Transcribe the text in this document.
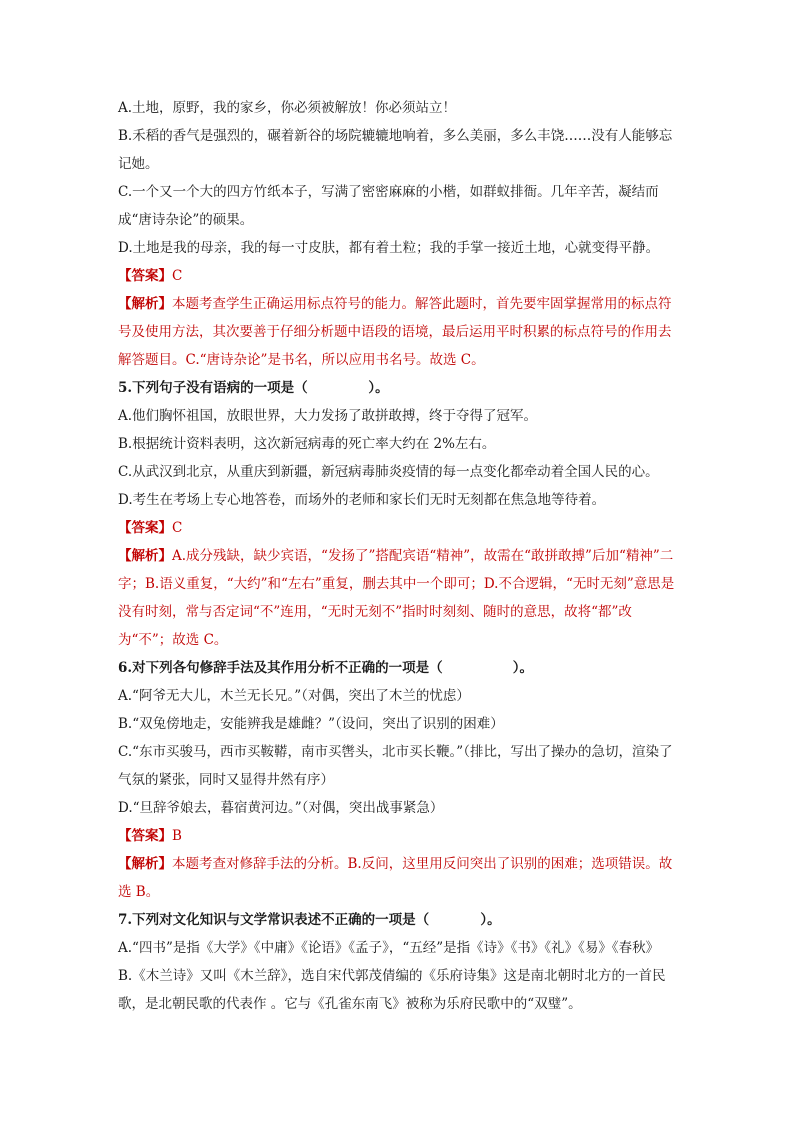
A.土地，原野，我的家乡，你必须被解放！你必须站立！
B.禾稻的香气是强烈的，碾着新谷的场院辘辘地响着，多么美丽，多么丰饶……没有人能够忘记她。
C.一个又一个大的四方竹纸本子，写满了密密麻麻的小楷，如群蚁排衙。几年辛苦，凝结而成“唐诗杂论”的硕果。
D.土地是我的母亲，我的每一寸皮肤，都有着土粒；我的手掌一接近土地，心就变得平静。
【答案】C
【解析】本题考查学生正确运用标点符号的能力。解答此题时，首先要牢固掌握常用的标点符号及使用方法，其次要善于仔细分析题中语段的语境，最后运用平时积累的标点符号的作用去解答题目。C.“唐诗杂论”是书名，所以应用书名号。故选 C。
5.下列句子没有语病的一项是（	）。
A.他们胸怀祖国，放眼世界，大力发扬了敢拼敢搏，终于夺得了冠军。
B.根据统计资料表明，这次新冠病毒的死亡率大约在 2%左右。
C.从武汉到北京，从重庆到新疆，新冠病毒肺炎疫情的每一点变化都牵动着全国人民的心。
D.考生在考场上专心地答卷，而场外的老师和家长们无时无刻都在焦急地等待着。
【答案】C
【解析】A.成分残缺，缺少宾语，“发扬了”搭配宾语“精神”，故需在“敢拼敢搏”后加“精神”二字；B.语义重复，“大约”和“左右”重复，删去其中一个即可；D.不合逻辑，“无时无刻”意思是没有时刻，常与否定词“不”连用，“无时无刻不”指时时刻刻、随时的意思，故将“都”改为“不”；故选 C。
6.对下列各句修辞手法及其作用分析不正确的一项是（	）。
A.“阿爷无大儿，木兰无长兄。”（对偶，突出了木兰的忧虑）
B.“双兔傍地走，安能辨我是雄雌？”（设问，突出了识别的困难）
C.“东市买骏马，西市买鞍鞯，南市买辔头，北市买长鞭。”（排比，写出了操办的急切，渲染了气氛的紧张，同时又显得井然有序）
D.“旦辞爷娘去，暮宿黄河边。”（对偶，突出战事紧急）
【答案】B
【解析】本题考查对修辞手法的分析。B.反问，这里用反问突出了识别的困难；选项错误。故选 B。
7.下列对文化知识与文学常识表述不正确的一项是（	）。
A.“四书”是指《大学》《中庸》《论语》《孟子》，“五经”是指《诗》《书》《礼》《易》《春秋》
B.《木兰诗》又叫《木兰辞》，选自宋代郭茂倩编的《乐府诗集》这是南北朝时北方的一首民歌，是北朝民歌的代表作 。它与《孔雀东南飞》被称为乐府民歌中的“双璧”。
